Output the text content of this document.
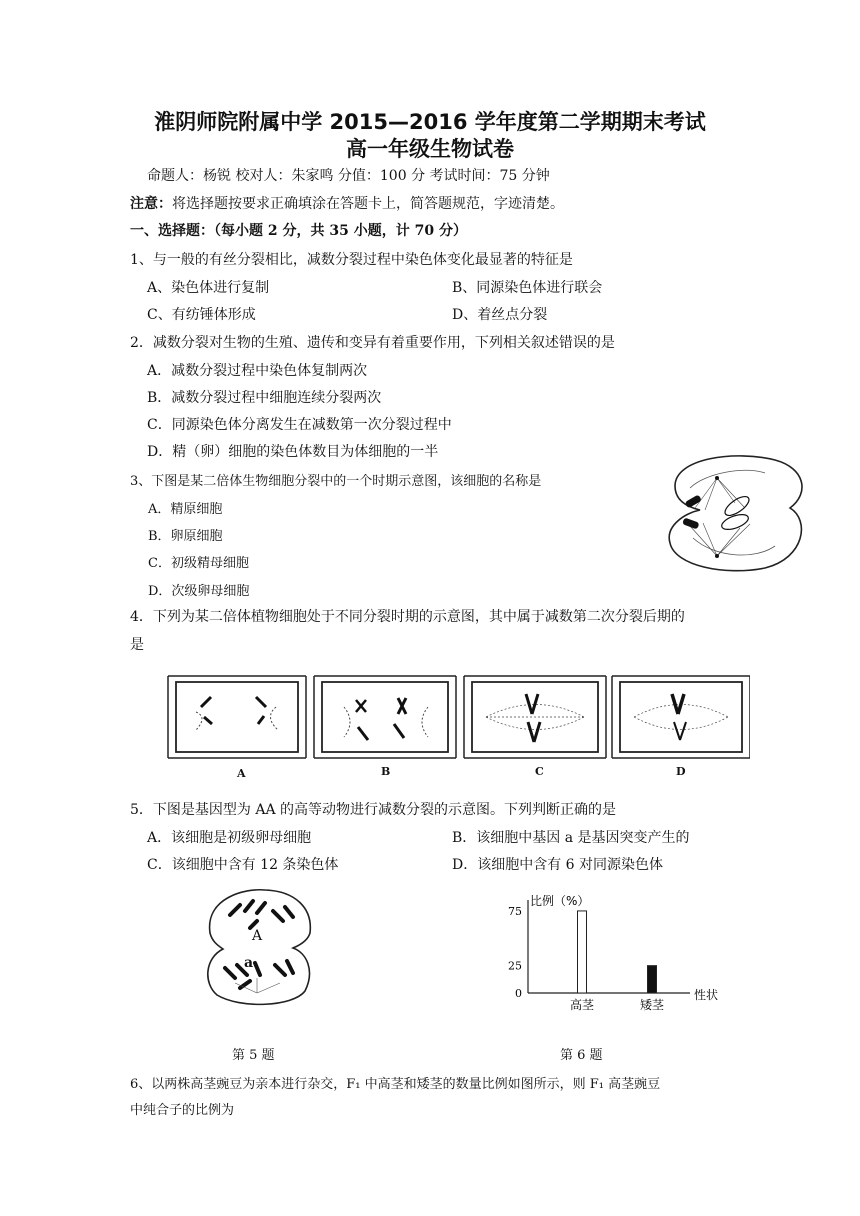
淮阴师院附属中学 2015—2016 学年度第二学期期末考试
高一年级生物试卷
命题人：杨锐 校对人：朱家鸣 分值：100 分 考试时间：75 分钟
注意：将选择题按要求正确填涂在答题卡上，简答题规范，字迹清楚。
一、选择题：（每小题 2 分，共 35 小题，计 70 分）
1、与一般的有丝分裂相比，减数分裂过程中染色体变化最显著的特征是
A、染色体进行复制	B、同源染色体进行联会
C、有纺锤体形成	D、着丝点分裂
2．减数分裂对生物的生殖、遗传和变异有着重要作用，下列相关叙述错误的是
A．减数分裂过程中染色体复制两次
B．减数分裂过程中细胞连续分裂两次
C．同源染色体分离发生在减数第一次分裂过程中
D．精（卵）细胞的染色体数目为体细胞的一半
3、下图是某二倍体生物细胞分裂中的一个时期示意图，该细胞的名称是
A．精原细胞
B．卵原细胞
C．初级精母细胞
D．次级卵母细胞
4．下列为某二倍体植物细胞处于不同分裂时期的示意图，其中属于减数第二次分裂后期的
是
A	B	C	D
5．下图是基因型为 AA 的高等动物进行减数分裂的示意图。下列判断正确的是
A．该细胞是初级卵母细胞	B．该细胞中基因 a 是基因突变产生的
C．该细胞中含有 12 条染色体	D．该细胞中含有 6 对同源染色体
A
a
第 5 题
比例（%）
性状
0
25
75
高茎	矮茎
第 6 题
6、以两株高茎豌豆为亲本进行杂交，F₁ 中高茎和矮茎的数量比例如图所示，则 F₁ 高茎豌豆
中纯合子的比例为
